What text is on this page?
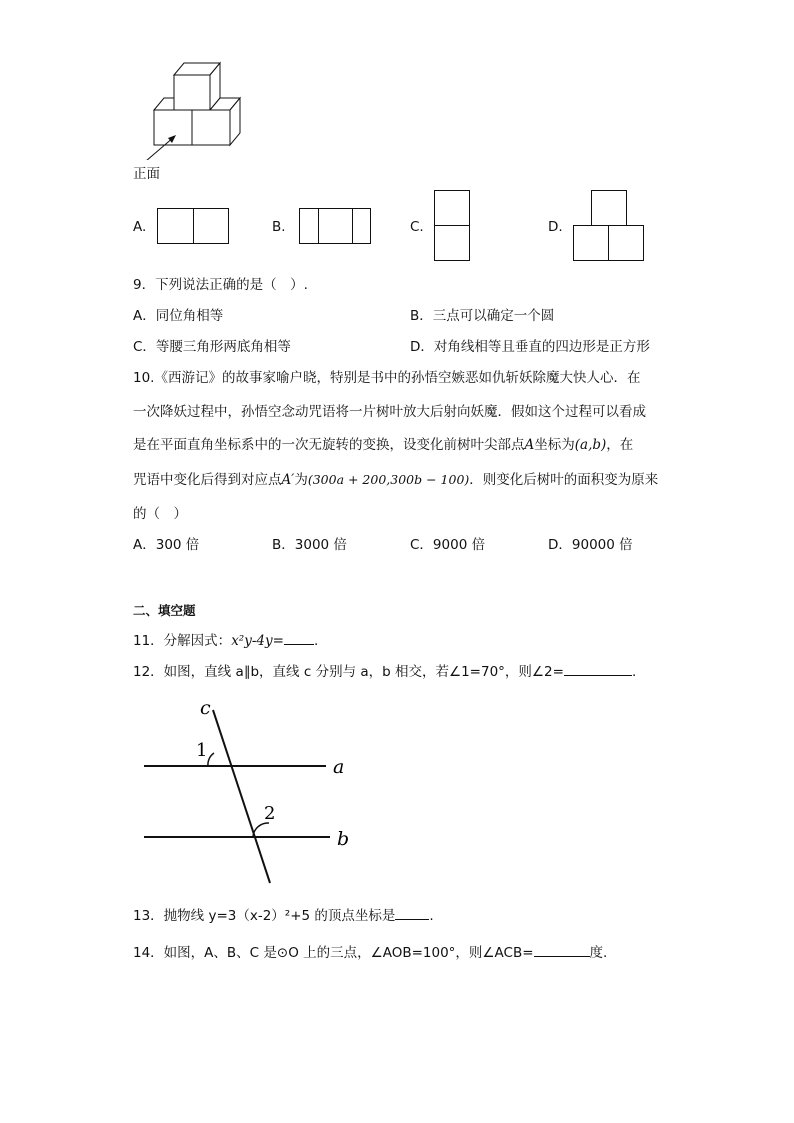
正面
A.	B.	C.	D.
9．下列说法正确的是（　）.
A．同位角相等	B．三点可以确定一个圆
C．等腰三角形两底角相等	D．对角线相等且垂直的四边形是正方形
10.《西游记》的故事家喻户晓，特别是书中的孙悟空嫉恶如仇斩妖除魔大快人心．在
一次降妖过程中，孙悟空念动咒语将一片树叶放大后射向妖魔．假如这个过程可以看成
是在平面直角坐标系中的一次无旋转的变换，设变化前树叶尖部点A坐标为(a,b)，在
咒语中变化后得到对应点A′为(300a + 200,300b − 100)．则变化后树叶的面积变为原来
的（　）
A．300 倍	B．3000 倍	C．9000 倍	D．90000 倍
二、填空题
11．分解因式：x²y-4y= .
12．如图，直线 a∥b，直线 c 分别与 a，b 相交，若∠1=70°，则∠2=	.
c
a
b
1
2
13．抛物线 y=3（x-2）²+5 的顶点坐标是	.
14．如图，A、B、C 是⊙O 上的三点，∠AOB=100°，则∠ACB=	度.
